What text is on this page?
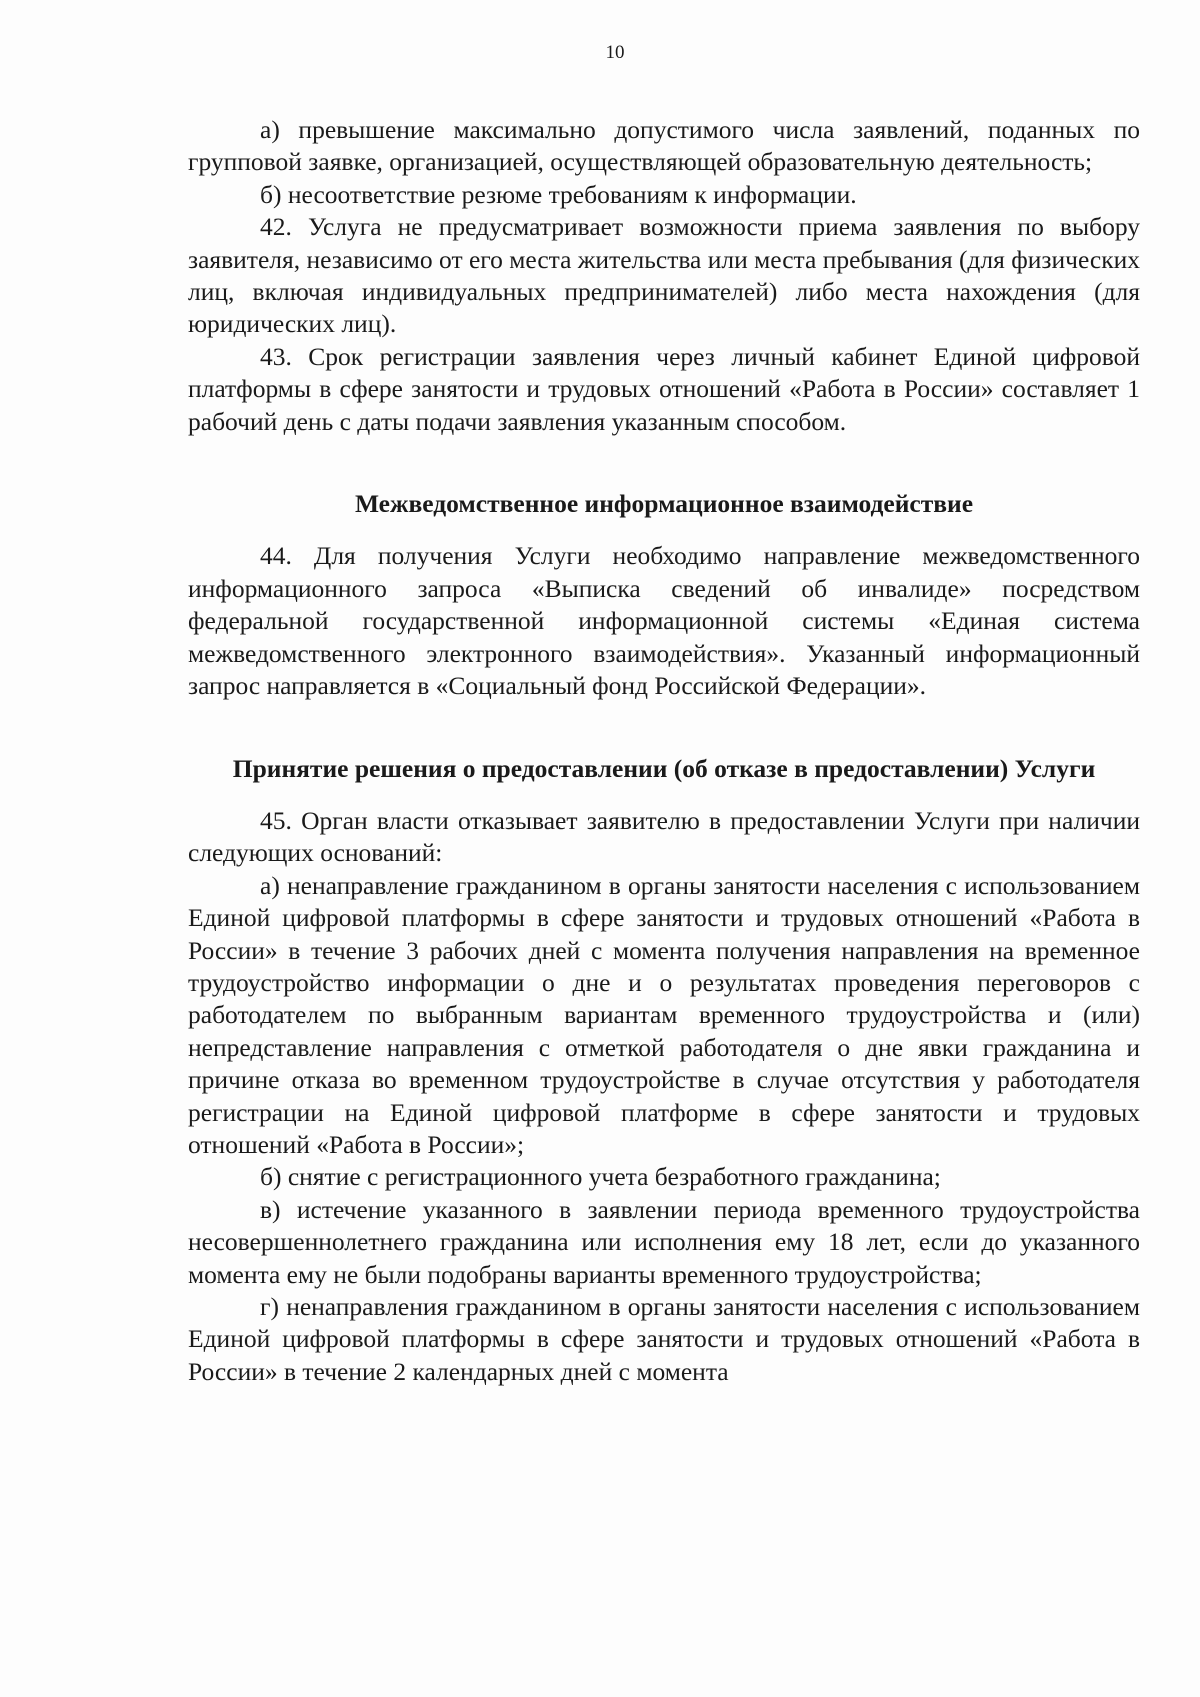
10

а) превышение максимально допустимого числа заявлений, поданных по групповой заявке, организацией, осуществляющей образовательную деятельность;

б) несоответствие резюме требованиям к информации.

42. Услуга не предусматривает возможности приема заявления по выбору заявителя, независимо от его места жительства или места пребывания (для физических лиц, включая индивидуальных предпринимателей) либо места нахождения (для юридических лиц).

43. Срок регистрации заявления через личный кабинет Единой цифровой платформы в сфере занятости и трудовых отношений «Работа в России» составляет 1 рабочий день с даты подачи заявления указанным способом.

Межведомственное информационное взаимодействие

44. Для получения Услуги необходимо направление межведомственного информационного запроса «Выписка сведений об инвалиде» посредством федеральной государственной информационной системы «Единая система межведомственного электронного взаимодействия». Указанный информационный запрос направляется в «Социальный фонд Российской Федерации».

Принятие решения о предоставлении (об отказе в предоставлении) Услуги

45. Орган власти отказывает заявителю в предоставлении Услуги при наличии следующих оснований:

а) ненаправление гражданином в органы занятости населения с использованием Единой цифровой платформы в сфере занятости и трудовых отношений «Работа в России» в течение 3 рабочих дней с момента получения направления на временное трудоустройство информации о дне и о результатах проведения переговоров с работодателем по выбранным вариантам временного трудоустройства и (или) непредставление направления с отметкой работодателя о дне явки гражданина и причине отказа во временном трудоустройстве в случае отсутствия у работодателя регистрации на Единой цифровой платформе в сфере занятости и трудовых отношений «Работа в России»;

б) снятие с регистрационного учета безработного гражданина;

в) истечение указанного в заявлении периода временного трудоустройства несовершеннолетнего гражданина или исполнения ему 18 лет, если до указанного момента ему не были подобраны варианты временного трудоустройства;

г) ненаправления гражданином в органы занятости населения с использованием Единой цифровой платформы в сфере занятости и трудовых отношений «Работа в России» в течение 2 календарных дней с момента
